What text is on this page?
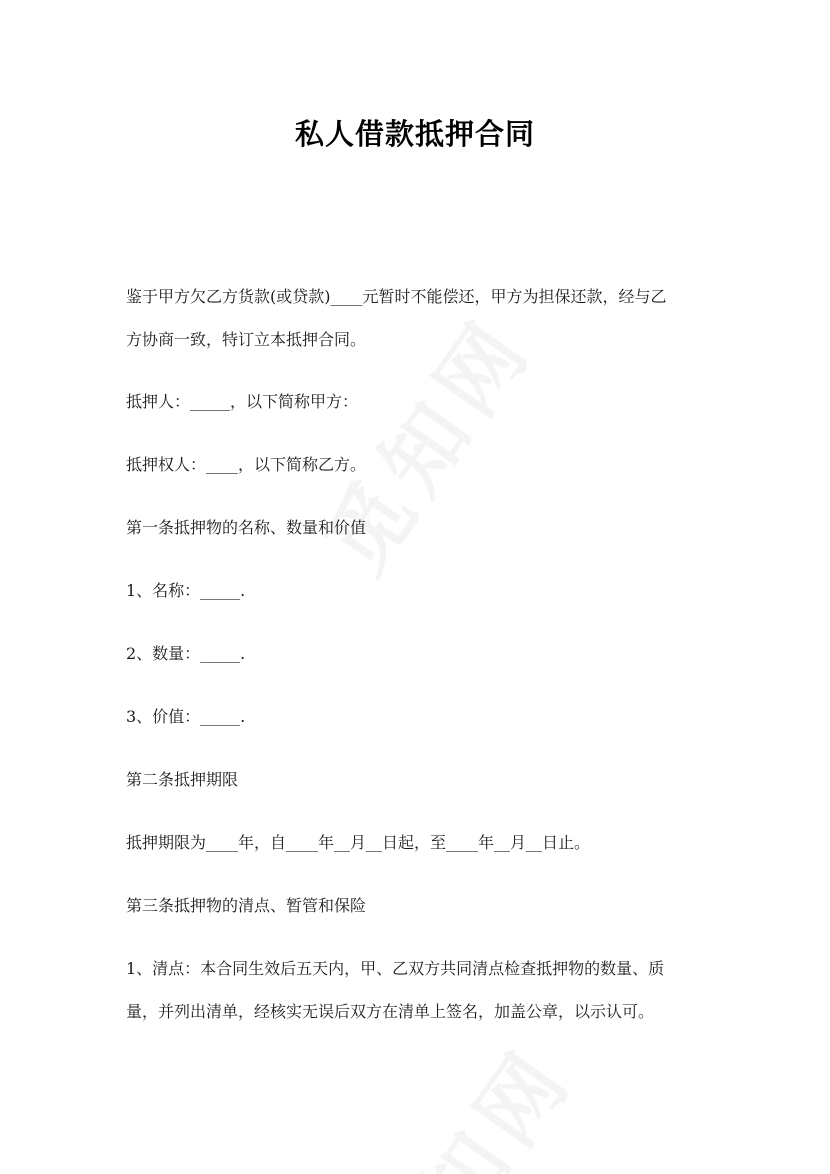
私人借款抵押合同

鉴于甲方欠乙方货款(或贷款)____元暂时不能偿还，甲方为担保还款，经与乙

方协商一致，特订立本抵押合同。

抵押人：_____，以下简称甲方：

抵押权人：____，以下简称乙方。

第一条抵押物的名称、数量和价值

1、名称：_____.

2、数量：_____.

3、价值：_____.

第二条抵押期限

抵押期限为____年，自____年__月__日起，至____年__月__日止。

第三条抵押物的清点、暂管和保险

1、清点：本合同生效后五天内，甲、乙双方共同清点检查抵押物的数量、质

量，并列出清单，经核实无误后双方在清单上签名，加盖公章，以示认可。
